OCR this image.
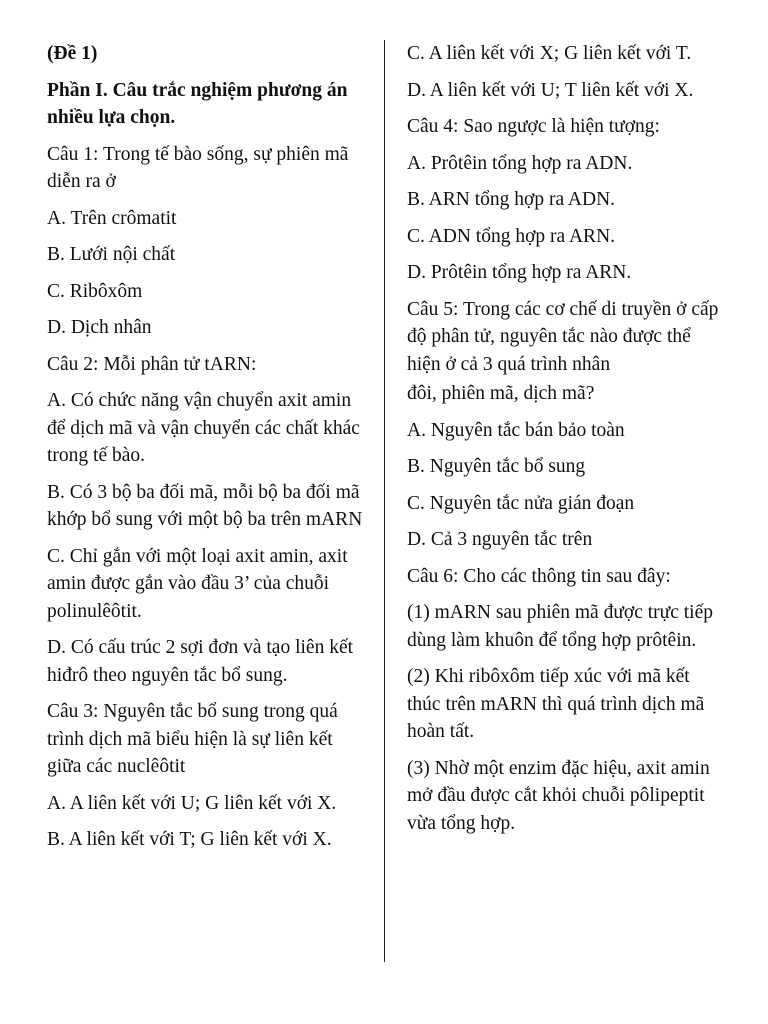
(Đề 1)

Phần I. Câu trắc nghiệm phương án nhiều lựa chọn.

Câu 1: Trong tế bào sống, sự phiên mã diễn ra ở

A. Trên crômatit

B. Lưới nội chất

C. Ribôxôm

D. Dịch nhân

Câu 2: Mỗi phân tử tARN:

A. Có chức năng vận chuyển axit amin để dịch mã và vận chuyển các chất khác trong tế bào.

B. Có 3 bộ ba đối mã, mỗi bộ ba đối mã khớp bổ sung với một bộ ba trên mARN

C. Chỉ gắn với một loại axit amin, axit amin được gắn vào đầu 3’ của chuỗi polinulêôtit.

D. Có cấu trúc 2 sợi đơn và tạo liên kết hiđrô theo nguyên tắc bổ sung.

Câu 3: Nguyên tắc bổ sung trong quá trình dịch mã biểu hiện là sự liên kết giữa các nuclêôtit

A. A liên kết với U; G liên kết với X.

B. A liên kết với T; G liên kết với X.

C. A liên kết với X; G liên kết với T.

D. A liên kết với U; T liên kết với X.

Câu 4: Sao ngược là hiện tượng:

A. Prôtêin tổng hợp ra ADN.

B. ARN tổng hợp ra ADN.

C. ADN tổng hợp ra ARN.

D. Prôtêin tổng hợp ra ARN.

Câu 5: Trong các cơ chế di truyền ở cấp độ phân tử, nguyên tắc nào được thể hiện ở cả 3 quá trình nhân

đôi, phiên mã, dịch mã?

A. Nguyên tắc bán bảo toàn

B. Nguyên tắc bổ sung

C. Nguyên tắc nửa gián đoạn

D. Cả 3 nguyên tắc trên

Câu 6: Cho các thông tin sau đây:

(1) mARN sau phiên mã được trực tiếp dùng làm khuôn để tổng hợp prôtêin.

(2) Khi ribôxôm tiếp xúc với mã kết thúc trên mARN thì quá trình dịch mã hoàn tất.

(3) Nhờ một enzim đặc hiệu, axit amin mở đầu được cắt khỏi chuỗi pôlipeptit vừa tổng hợp.
